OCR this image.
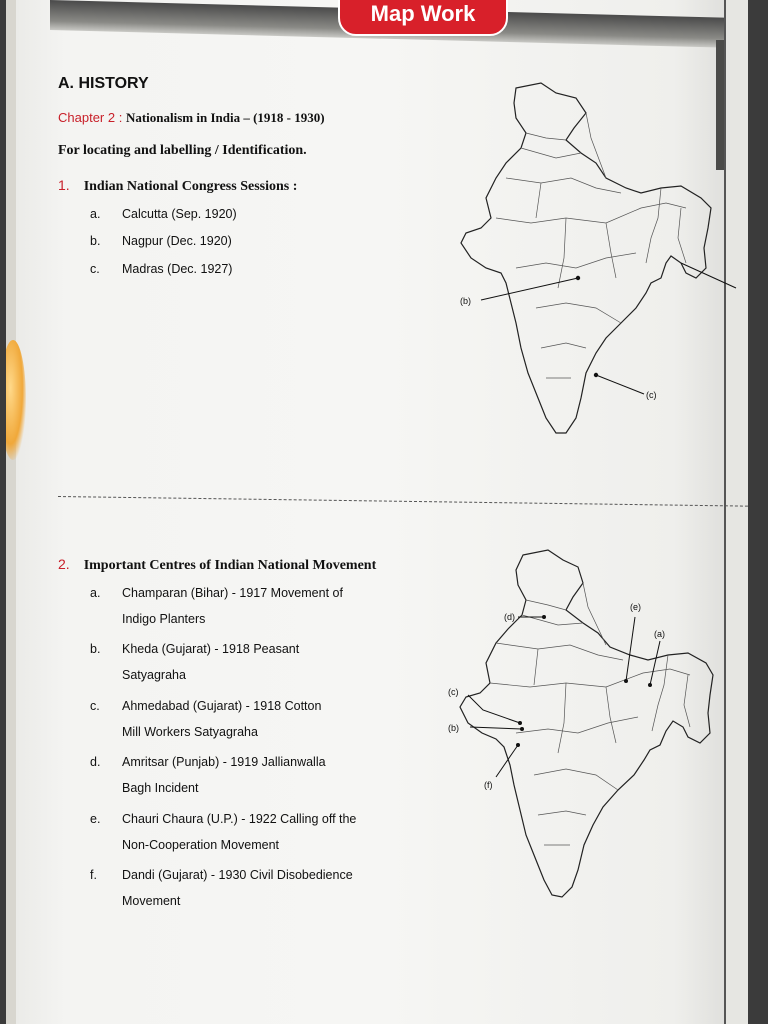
Map Work
A. HISTORY
Chapter 2 : Nationalism in India – (1918 - 1930)
For locating and labelling / Identification.
1. Indian National Congress Sessions :
a. Calcutta (Sep. 1920)
b. Nagpur (Dec. 1920)
c. Madras (Dec. 1927)
(b)
(c)
2. Important Centres of Indian National Movement
a. Champaran (Bihar) - 1917 Movement of
Indigo Planters
b. Kheda (Gujarat) - 1918 Peasant
Satyagraha
c. Ahmedabad (Gujarat) - 1918 Cotton
Mill Workers Satyagraha
d. Amritsar (Punjab) - 1919 Jallianwalla
Bagh Incident
e. Chauri Chaura (U.P.) - 1922 Calling off the
Non-Cooperation Movement
f. Dandi (Gujarat) - 1930 Civil Disobedience
Movement
(d)
(e)
(a)
(c)
(b)
(f)
